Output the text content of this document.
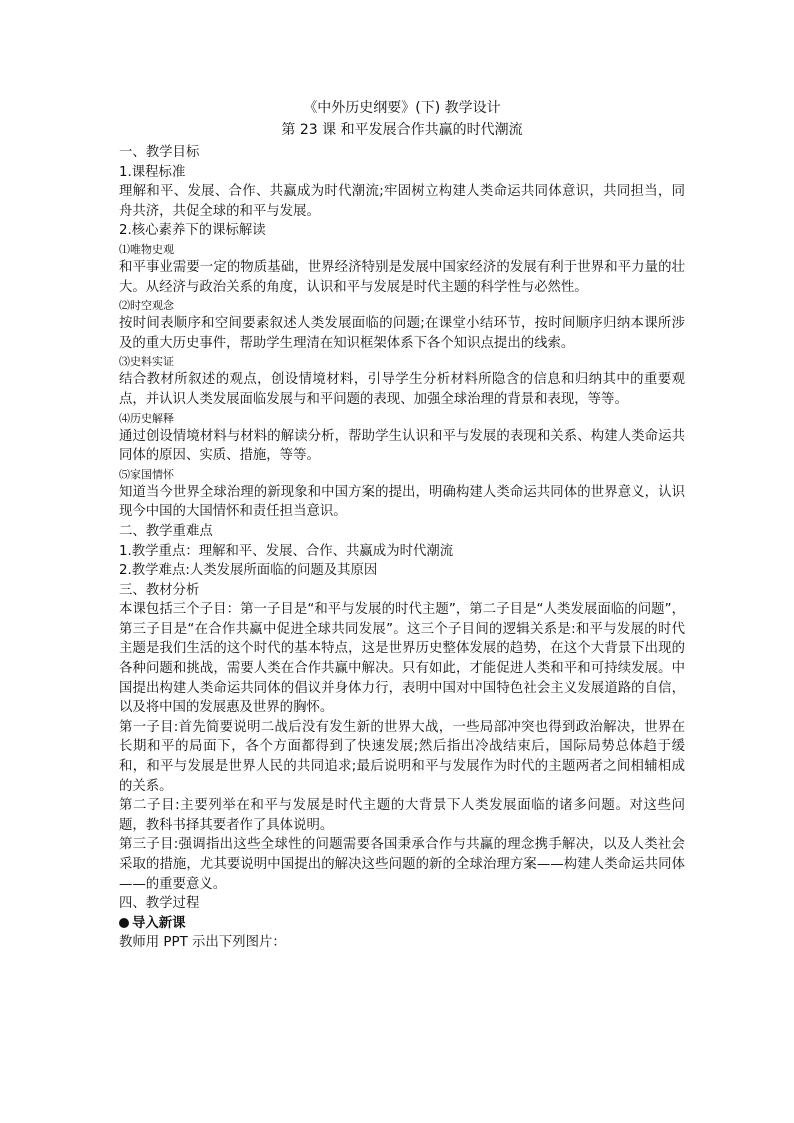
《中外历史纲要》(下) 教学设计

第 23 课 和平发展合作共赢的时代潮流

一、教学目标

1.课程标准

理解和平、发展、合作、共赢成为时代潮流;牢固树立构建人类命运共同体意识，共同担当，同舟共济，共促全球的和平与发展。

2.核心素养下的课标解读

⑴唯物史观

和平事业需要一定的物质基础，世界经济特别是发展中国家经济的发展有利于世界和平力量的壮大。从经济与政治关系的角度，认识和平与发展是时代主题的科学性与必然性。

⑵时空观念

按时间表顺序和空间要素叙述人类发展面临的问题;在课堂小结环节，按时间顺序归纳本课所涉及的重大历史事件，帮助学生理清在知识框架体系下各个知识点提出的线索。

⑶史料实证

结合教材所叙述的观点，创设情境材料，引导学生分析材料所隐含的信息和归纳其中的重要观点，并认识人类发展面临发展与和平问题的表现、加强全球治理的背景和表现，等等。

⑷历史解释

通过创设情境材料与材料的解读分析，帮助学生认识和平与发展的表现和关系、构建人类命运共同体的原因、实质、措施，等等。

⑸家国情怀

知道当今世界全球治理的新现象和中国方案的提出，明确构建人类命运共同体的世界意义，认识现今中国的大国情怀和责任担当意识。

二、教学重难点

1.教学重点：理解和平、发展、合作、共赢成为时代潮流

2.教学难点:人类发展所面临的问题及其原因

三、教材分析

本课包括三个子目：第一子目是“和平与发展的时代主题”，第二子目是“人类发展面临的问题”，第三子目是“在合作共赢中促进全球共同发展”。这三个子目间的逻辑关系是:和平与发展的时代主题是我们生活的这个时代的基本特点，这是世界历史整体发展的趋势，在这个大背景下出现的各种问题和挑战，需要人类在合作共赢中解决。只有如此，才能促进人类和平和可持续发展。中国提出构建人类命运共同体的倡议并身体力行，表明中国对中国特色社会主义发展道路的自信，以及将中国的发展惠及世界的胸怀。

第一子目:首先简要说明二战后没有发生新的世界大战，一些局部冲突也得到政治解决，世界在长期和平的局面下，各个方面都得到了快速发展;然后指出冷战结束后，国际局势总体趋于缓和，和平与发展是世界人民的共同追求;最后说明和平与发展作为时代的主题两者之间相辅相成的关系。

第二子目:主要列举在和平与发展是时代主题的大背景下人类发展面临的诸多问题。对这些问题，教科书择其要者作了具体说明。

第三子目:强调指出这些全球性的问题需要各国秉承合作与共赢的理念携手解决，以及人类社会采取的措施，尤其要说明中国提出的解决这些问题的新的全球治理方案——构建人类命运共同体——的重要意义。

四、教学过程

导入新课

教师用 PPT 示出下列图片：
